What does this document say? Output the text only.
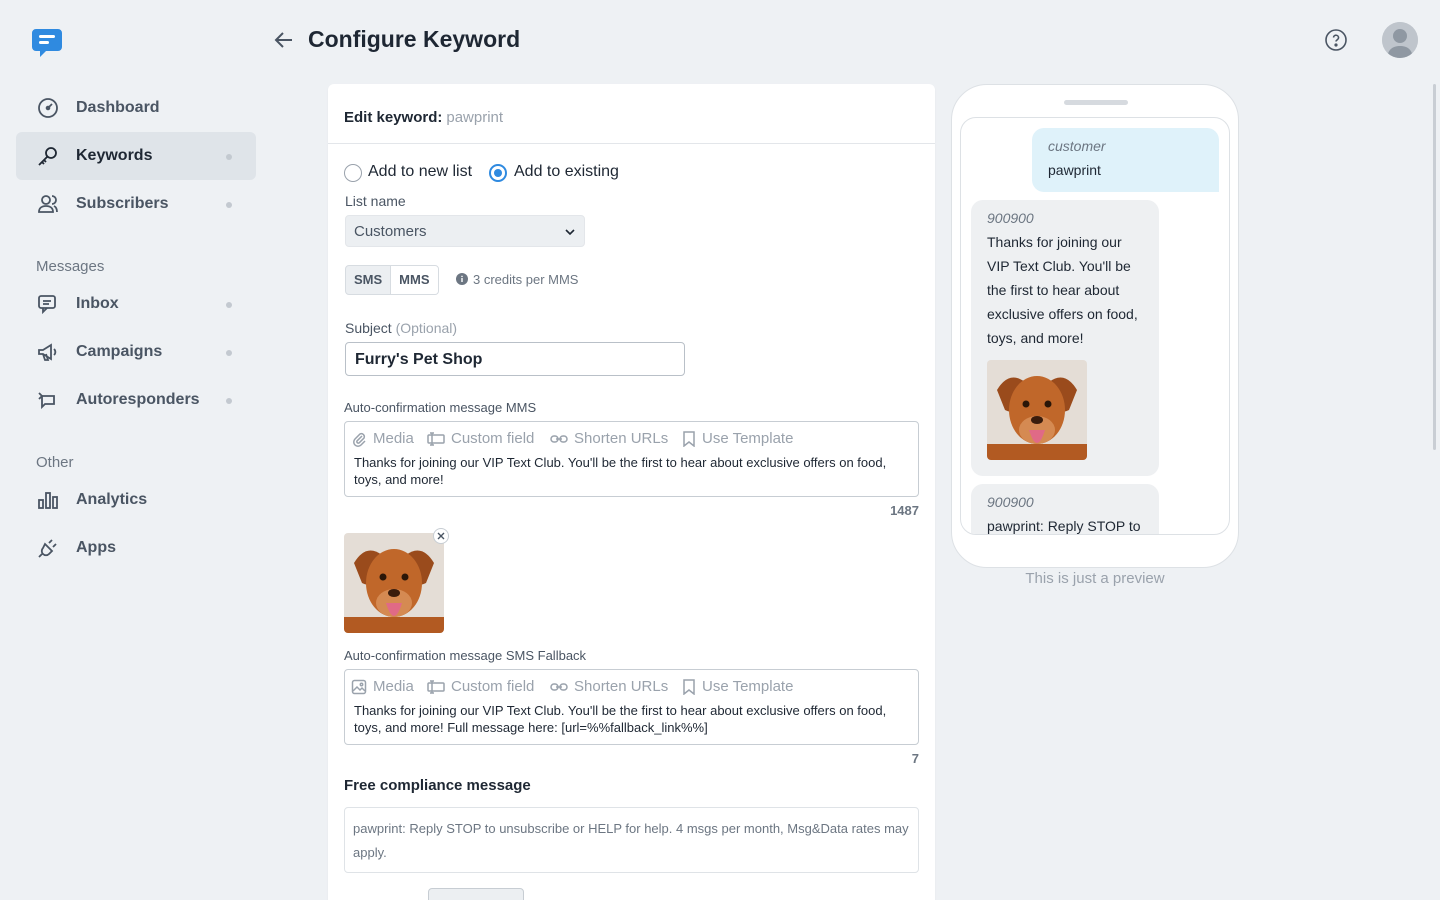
Dashboard
Keywords
Subscribers
Messages
Inbox
Campaigns
Autoresponders
Other
Analytics
Apps
Configure Keyword
Edit keyword: pawprint
Add to new list	Add to existing
List name
Customers
SMS	MMS	3 credits per MMS
Subject (Optional)
Furry's Pet Shop
Auto-confirmation message MMS
Media Custom field	Shorten URLs Use Template
Thanks for joining our VIP Text Club. You'll be the first to hear about exclusive offers on food, toys, and more!
1487
Auto-confirmation message SMS Fallback
Media Custom field	Shorten URLs Use Template
Thanks for joining our VIP Text Club. You'll be the first to hear about exclusive offers on food, toys, and more! Full message here: [url=%%fallback_link%%]
7
Free compliance message
pawprint: Reply STOP to unsubscribe or HELP for help. 4 msgs per month, Msg&Data rates may apply.
customer
pawprint
900900
Thanks for joining our VIP Text Club. You'll be the first to hear about exclusive offers on food, toys, and more!
900900
pawprint: Reply STOP to
This is just a preview
